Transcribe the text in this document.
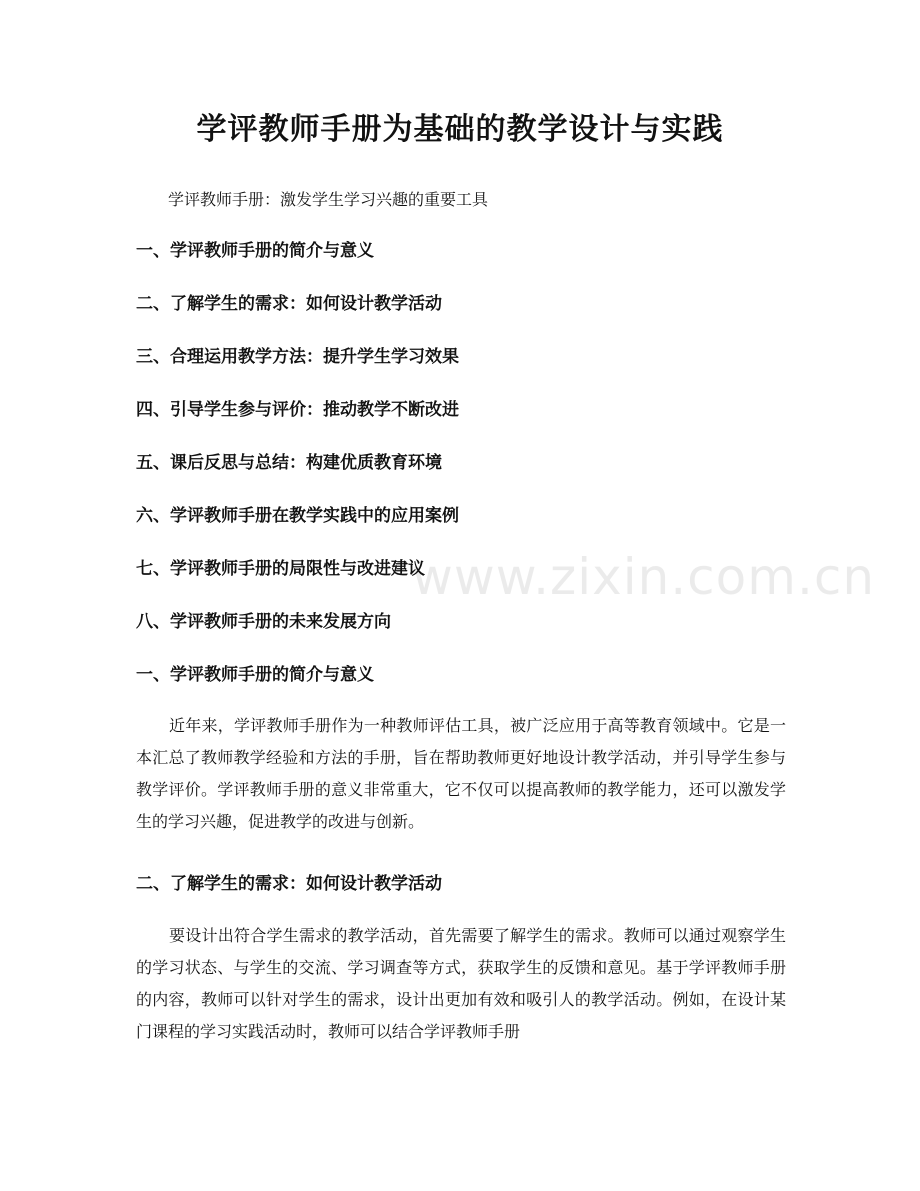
学评教师手册为基础的教学设计与实践

学评教师手册：激发学生学习兴趣的重要工具

一、学评教师手册的简介与意义
二、了解学生的需求：如何设计教学活动
三、合理运用教学方法：提升学生学习效果
四、引导学生参与评价：推动教学不断改进
五、课后反思与总结：构建优质教育环境
六、学评教师手册在教学实践中的应用案例
七、学评教师手册的局限性与改进建议
八、学评教师手册的未来发展方向
一、学评教师手册的简介与意义

近年来，学评教师手册作为一种教师评估工具，被广泛应用于高等教育领域中。它是一本汇总了教师教学经验和方法的手册，旨在帮助教师更好地设计教学活动，并引导学生参与教学评价。学评教师手册的意义非常重大，它不仅可以提高教师的教学能力，还可以激发学生的学习兴趣，促进教学的改进与创新。

二、了解学生的需求：如何设计教学活动

要设计出符合学生需求的教学活动，首先需要了解学生的需求。教师可以通过观察学生的学习状态、与学生的交流、学习调查等方式，获取学生的反馈和意见。基于学评教师手册的内容，教师可以针对学生的需求，设计出更加有效和吸引人的教学活动。例如，在设计某门课程的学习实践活动时，教师可以结合学评教师手册

www.zixin.com.cn
